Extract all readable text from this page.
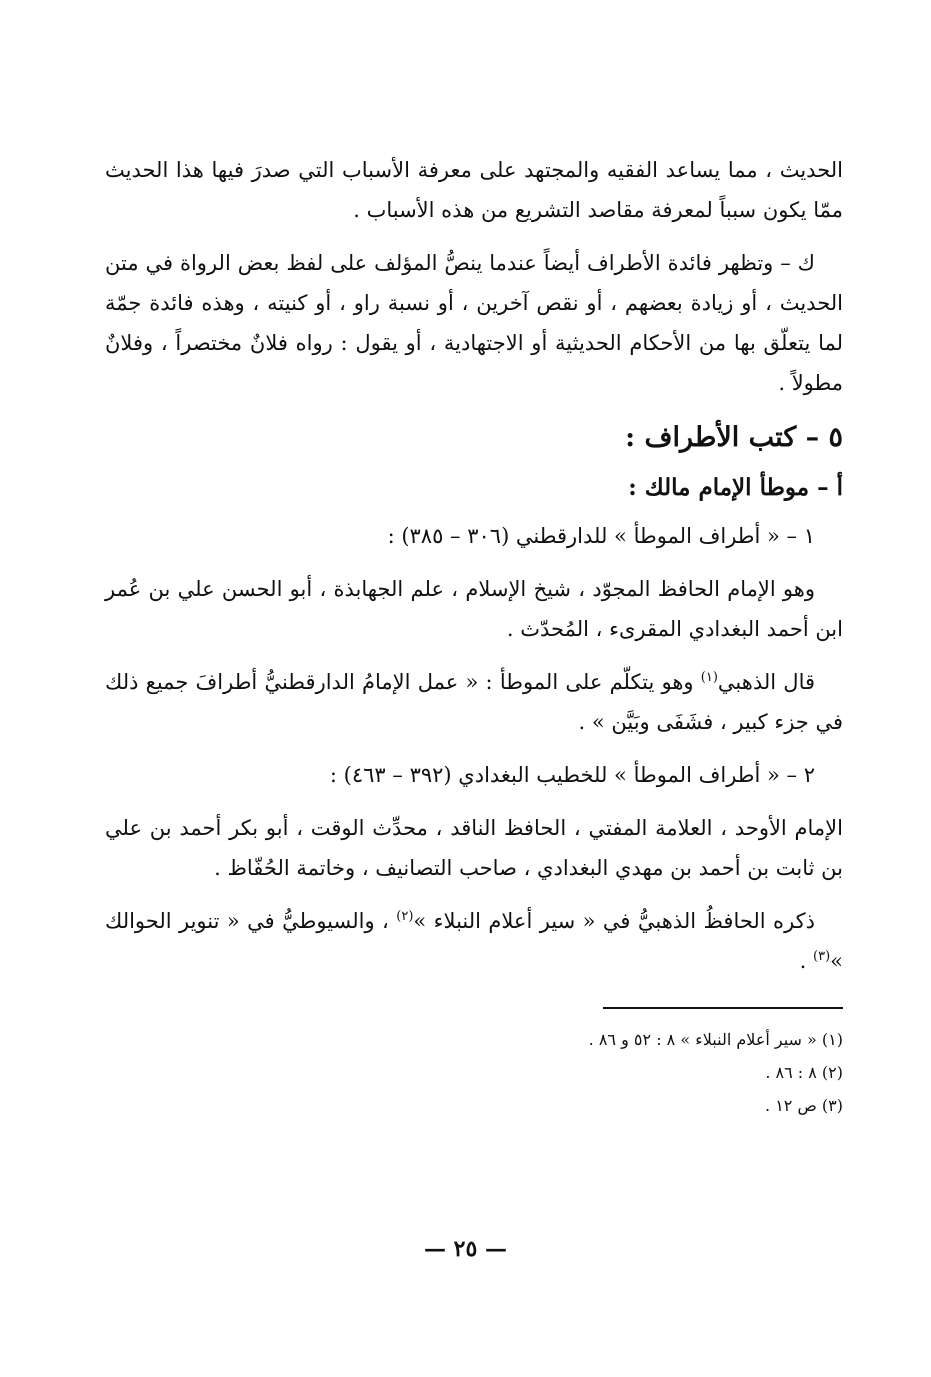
الحديث ، مما يساعد الفقيه والمجتهد على معرفة الأسباب التي صدرَ فيها هذا الحديث ممّا يكون سبباً لمعرفة مقاصد التشريع من هذه الأسباب .

ك – وتظهر فائدة الأطراف أيضاً عندما ينصُّ المؤلف على لفظ بعض الرواة في متن الحديث ، أو زيادة بعضهم ، أو نقص آخرين ، أو نسبة راو ، أو كنيته ، وهذه فائدة جمّة لما يتعلّق بها من الأحكام الحديثية أو الاجتهادية ، أو يقول : رواه فلانٌ مختصراً ، وفلانٌ مطولاً .

٥ – كتب الأطراف :
أ – موطأ الإمام مالك :
١ – « أطراف الموطأ » للدارقطني (٣٠٦ – ٣٨٥) :

وهو الإمام الحافظ المجوّد ، شيخ الإسلام ، علم الجهابذة ، أبو الحسن علي بن عُمر ابن أحمد البغدادي المقرىء ، المُحدّث .

قال الذهبي$^{(١)}$ وهو يتكلّم على الموطأ : « عمل الإمامُ الدارقطنيُّ أطرافَ جميع ذلك في جزء كبير ، فشَفَى وبَيَّن » .

٢ – « أطراف الموطأ » للخطيب البغدادي (٣٩٢ – ٤٦٣) :

الإمام الأوحد ، العلامة المفتي ، الحافظ الناقد ، محدِّث الوقت ، أبو بكر أحمد بن علي بن ثابت بن أحمد بن مهدي البغدادي ، صاحب التصانيف ، وخاتمة الحُفّاظ .

ذكره الحافظُ الذهبيُّ في « سير أعلام النبلاء »$^{(٢)}$ ، والسيوطيُّ في « تنوير الحوالك »$^{(٣)}$ .

(١) « سير أعلام النبلاء » ٨ : ٥٢ و ٨٦ .

(٢) ٨ : ٨٦ .

(٣) ص ١٢ .

— ٢٥ —
